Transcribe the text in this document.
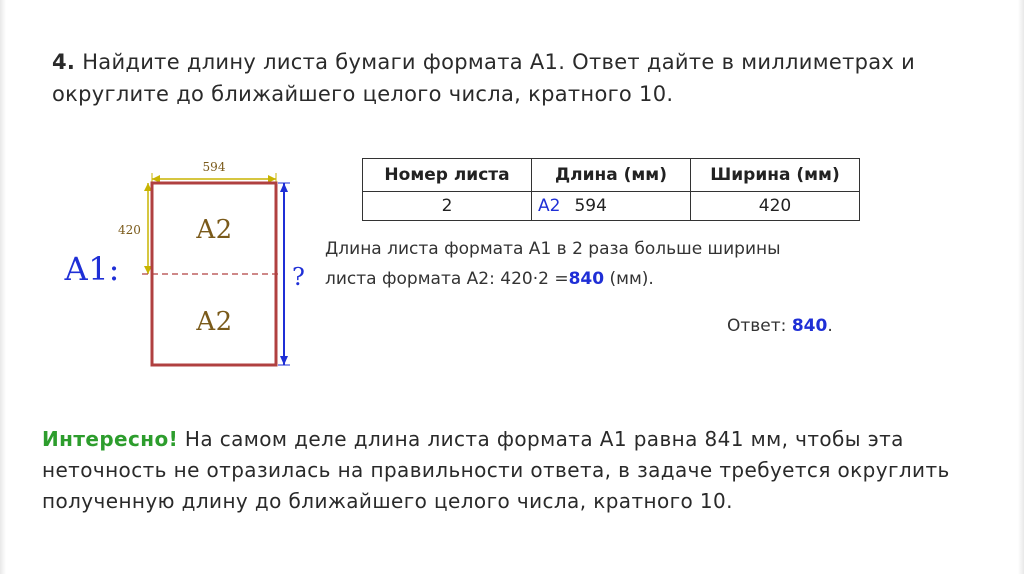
4. Найдите длину листа бумаги формата А1. Ответ дайте в миллиметрах и округлите до ближайшего целого числа, кратного 10.
594
420 А2
А2
?
А1:
Номер листа	Длина (мм)	Ширина (мм)
2	А2 594	420
Длина листа формата А1 в 2 раза больше ширины
листа формата А2: 420·2 =840 (мм).
Ответ: 840.
Интересно! На самом деле длина листа формата А1 равна 841 мм, чтобы эта неточность не отразилась на правильности ответа, в задаче требуется округлить полученную длину до ближайшего целого числа, кратного 10.
